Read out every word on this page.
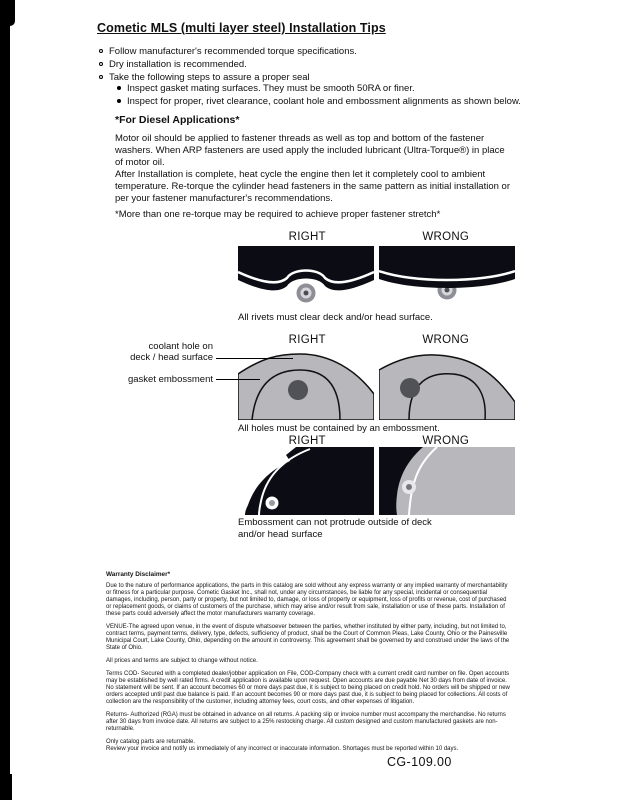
Cometic MLS (multi layer steel) Installation Tips
Follow manufacturer's recommended torque specifications.
Dry installation is recommended.
Take the following steps to assure a proper seal
Inspect gasket mating surfaces. They must be smooth 50RA or finer.
Inspect for proper, rivet clearance, coolant hole and embossment alignments as shown below.
*For Diesel Applications*

Motor oil should be applied to fastener threads as well as top and bottom of the fastener washers. When ARP fasteners are used apply the included lubricant (Ultra-Torque®) in place of motor oil.

After Installation is complete, heat cycle the engine then let it completely cool to ambient temperature. Re-torque the cylinder head fasteners in the same pattern as initial installation or per your fastener manufacturer's recommendations.

*More than one re-torque may be required to achieve proper fastener stretch*

RIGHT	WRONG
All rivets must clear deck and/or head surface.
RIGHT	WRONG
coolant hole on
deck / head surface
gasket embossment
All holes must be contained by an embossment.
RIGHT	WRONG
Embossment can not protrude outside of deck
and/or head surface
Warranty Disclaimer*

Due to the nature of performance applications, the parts in this catalog are sold without any express warranty or any implied warranty of merchantability or fitness for a particular purpose. Cometic Gasket Inc., shall not, under any circumstances, be liable for any special, incidental or consequential damages, including, person, party or property, but not limited to, damage, or loss of property or equipment, loss of profits or revenue, cost of purchased or replacement goods, or claims of customers of the purchase, which may arise and/or result from sale, installation or use of these parts. Installation of these parts could adversely affect the motor manufacturers warranty coverage.

VENUE-The agreed upon venue, in the event of dispute whatsoever between the parties, whether instituted by either party, including, but not limited to, contract terms, payment terms, delivery, type, defects, sufficiency of product, shall be the Court of Common Pleas, Lake County, Ohio or the Painesville Municipal Court, Lake County, Ohio, depending on the amount in controversy. This agreement shall be governed by and construed under the laws of the State of Ohio.

All prices and terms are subject to change without notice.

Terms COD- Secured with a completed dealer/jobber application on File, COD-Company check with a current credit card number on file. Open accounts may be established by well rated firms. A credit application is available upon request. Open accounts are due payable Net 30 days from date of invoice. No statement will be sent. If an account becomes 60 or more days past due, it is subject to being placed on credit hold. No orders will be shipped or new orders accepted until past due balance is paid. If an account becomes 90 or more days past due, it is subject to being placed for collections. All costs of collection are the responsibility of the customer, including attorney fees, court costs, and other expenses of litigation.

Returns- Authorized (RGA) must be obtained in advance on all returns. A packing slip or invoice number must accompany the merchandise. No returns after 30 days from invoice date. All returns are subject to a 25% restocking charge. All custom designed and custom manufactured gaskets are non-returnable.

Only catalog parts are returnable.

Review your invoice and notify us immediately of any incorrect or inaccurate information. Shortages must be reported within 10 days.

CG-109.00
